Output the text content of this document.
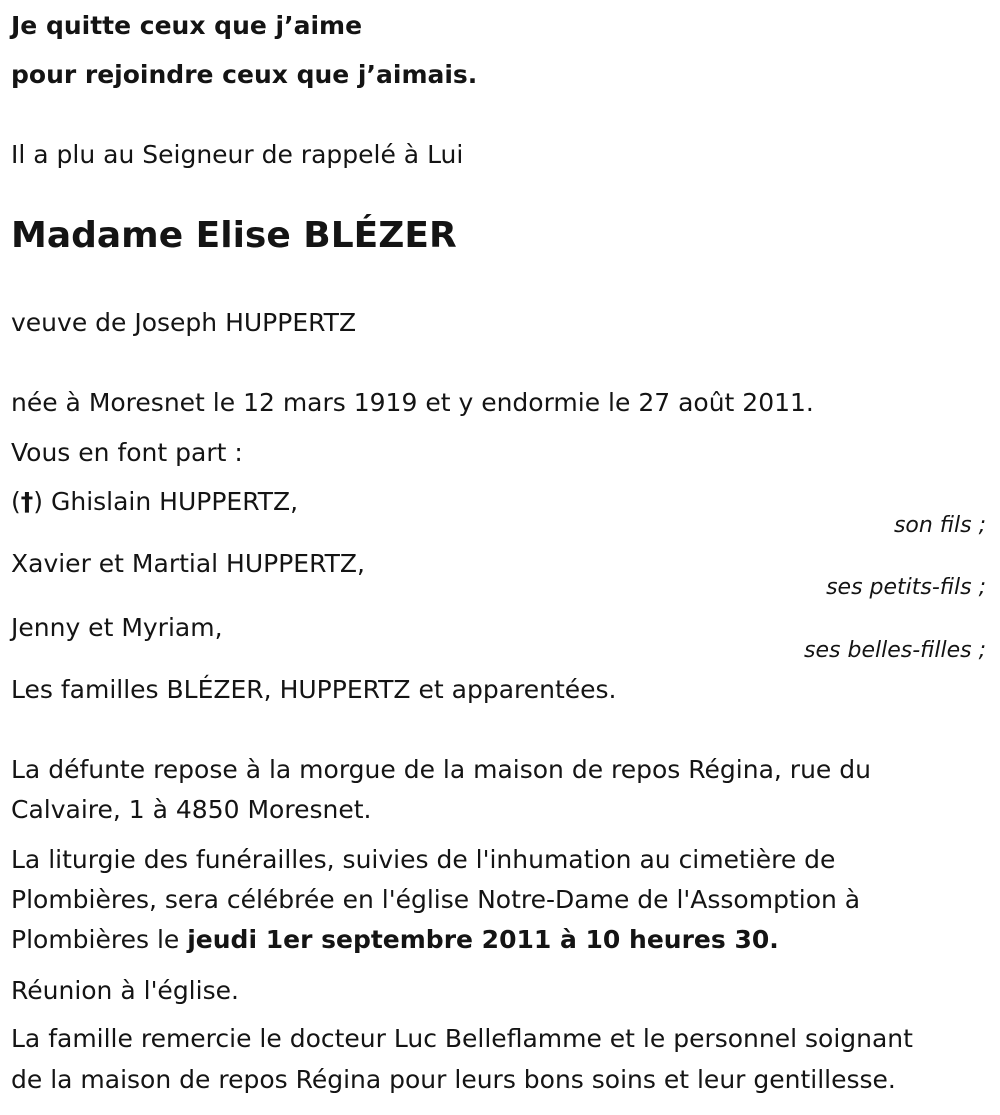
Je quitte ceux que j’aime
pour rejoindre ceux que j’aimais.
Il a plu au Seigneur de rappelé à Lui
Madame Elise BLÉZER
veuve de Joseph HUPPERTZ
née à Moresnet le 12 mars 1919 et y endormie le 27 août 2011.
Vous en font part :
(†) Ghislain HUPPERTZ,
son fils ;
Xavier et Martial HUPPERTZ,
ses petits-fils ;
Jenny et Myriam,
ses belles-filles ;
Les familles BLÉZER, HUPPERTZ et apparentées.
La défunte repose à la morgue de la maison de repos Régina, rue du
Calvaire, 1 à 4850 Moresnet.
La liturgie des funérailles, suivies de l'inhumation au cimetière de
Plombières, sera célébrée en l'église Notre-Dame de l'Assomption à
Plombières le jeudi 1er septembre 2011 à 10 heures 30.
Réunion à l'église.
La famille remercie le docteur Luc Belleflamme et le personnel soignant
de la maison de repos Régina pour leurs bons soins et leur gentillesse.
